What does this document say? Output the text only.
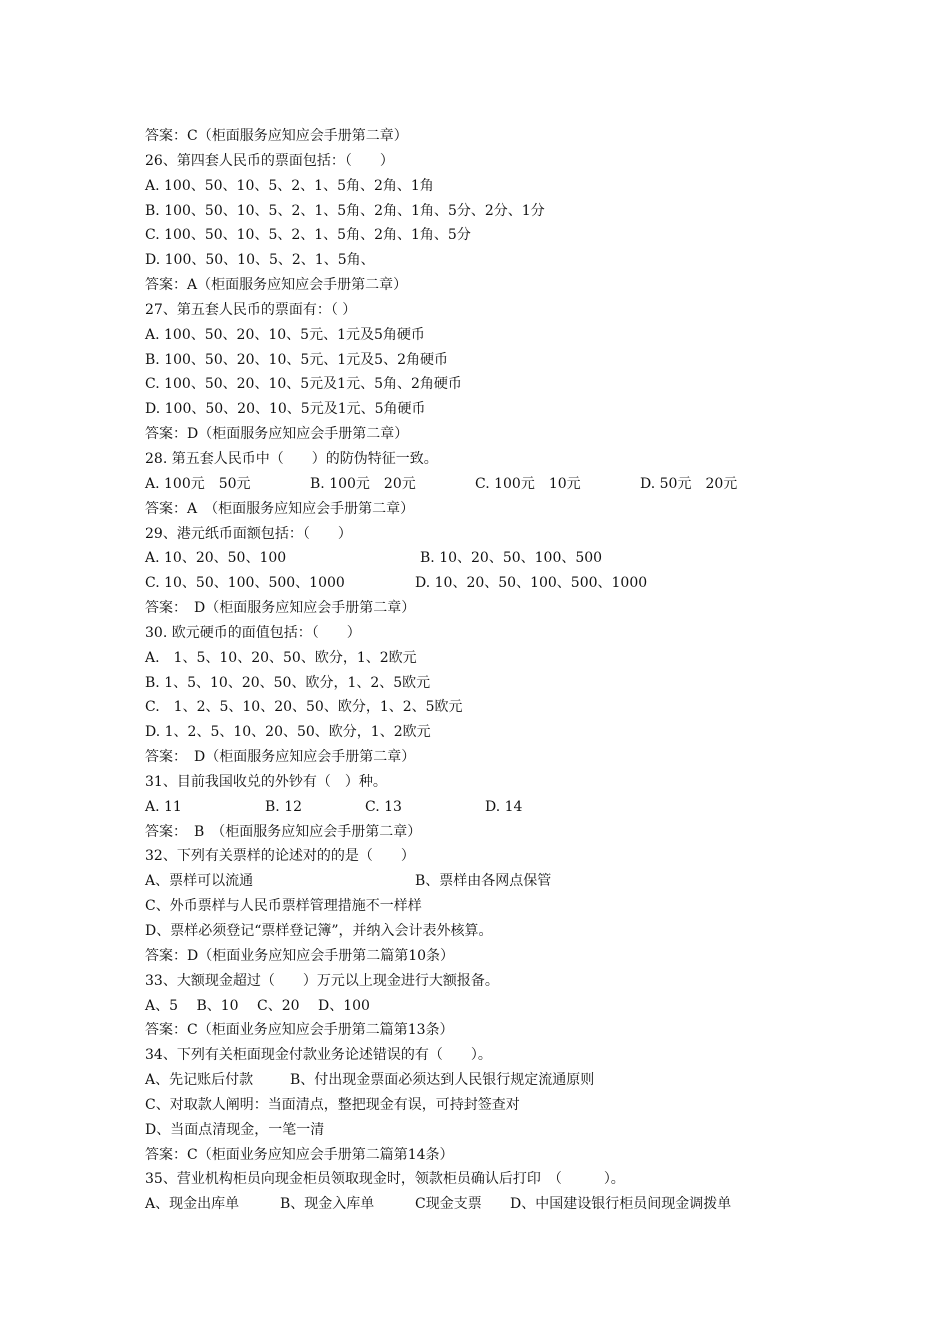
答案：C（柜面服务应知应会手册第二章）
26、第四套人民币的票面包括：（　　）
A. 100、50、10、5、2、1、5角、2角、1角
B. 100、50、10、5、2、1、5角、2角、1角、5分、2分、1分
C. 100、50、10、5、2、1、5角、2角、1角、5分
D. 100、50、10、5、2、1、5角、
答案：A（柜面服务应知应会手册第二章）
27、第五套人民币的票面有：（ ）
A. 100、50、20、10、5元、1元及5角硬币
B. 100、50、20、10、5元、1元及5、2角硬币
C. 100、50、20、10、5元及1元、5角、2角硬币
D. 100、50、20、10、5元及1元、5角硬币
答案：D（柜面服务应知应会手册第二章）
28. 第五套人民币中（　　）的防伪特征一致。
A. 100元　50元	B. 100元　20元	C. 100元　10元	D. 50元　20元
答案：A　（柜面服务应知应会手册第二章）
29、港元纸币面额包括：（　　）
A. 10、20、50、100	B. 10、20、50、100、500
C. 10、50、100、500、1000	D. 10、20、50、100、500、1000
答案：　D（柜面服务应知应会手册第二章）
30. 欧元硬币的面值包括：（　　）
A.　1、5、10、20、50、欧分，1、2欧元
B. 1、5、10、20、50、欧分，1、2、5欧元
C.　1、2、5、10、20、50、欧分，1、2、5欧元
D. 1、2、5、10、20、50、欧分，1、2欧元
答案：　D（柜面服务应知应会手册第二章）
31、目前我国收兑的外钞有（　）种。
A. 11	B. 12	C. 13	D. 14
答案：　B　（柜面服务应知应会手册第二章）
32、下列有关票样的论述对的的是（　　）
A、票样可以流通	B、票样由各网点保管
C、外币票样与人民币票样管理措施不一样样
D、票样必须登记“票样登记簿”，并纳入会计表外核算。
答案：D（柜面业务应知应会手册第二篇第10条）
33、大额现金超过（　　）万元以上现金进行大额报备。
A、5　 B、10　 C、20　 D、100
答案：C（柜面业务应知应会手册第二篇第13条）
34、下列有关柜面现金付款业务论述错误的有（　　）。
A、先记账后付款	B、付出现金票面必须达到人民银行规定流通原则
C、对取款人阐明：当面清点，整把现金有误，可持封签查对
D、当面点清现金，一笔一清
答案：C（柜面业务应知应会手册第二篇第14条）
35、营业机构柜员向现金柜员领取现金时，领款柜员确认后打印　（　　　）。
A、现金出库单	B、现金入库单	C现金支票 D、中国建设银行柜员间现金调拨单
